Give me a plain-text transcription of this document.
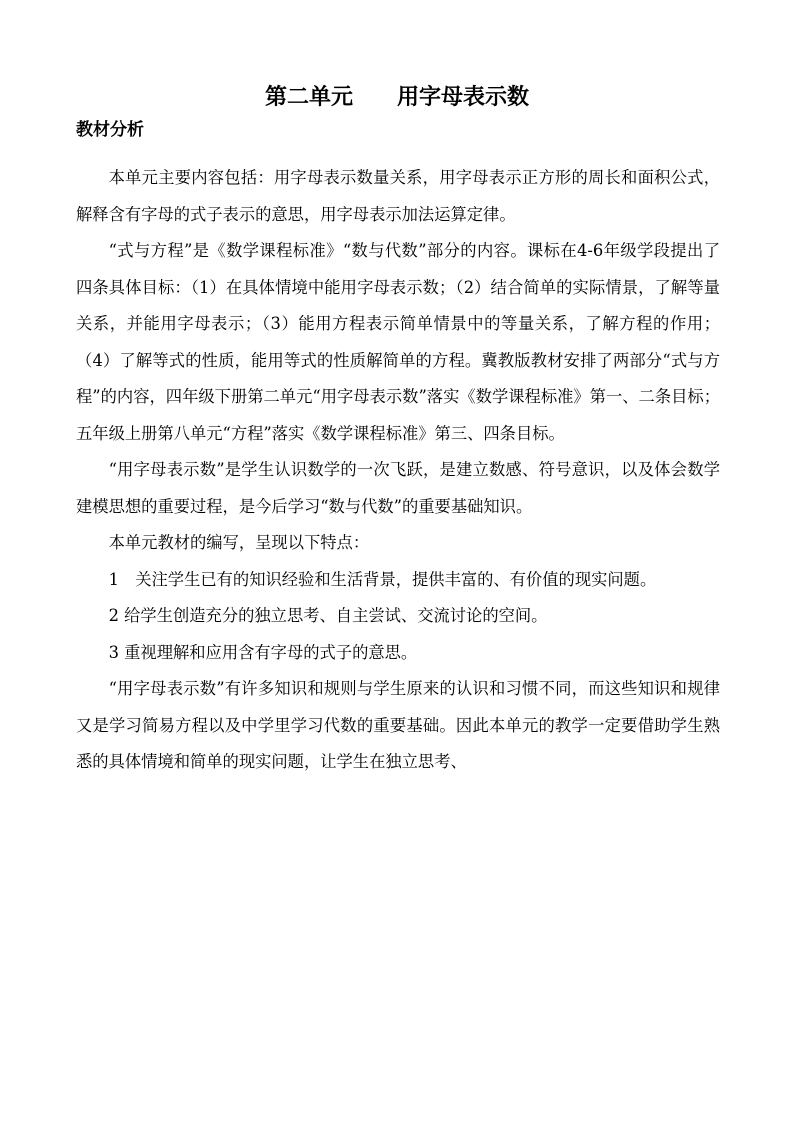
第二单元　　用字母表示数
教材分析

本单元主要内容包括：用字母表示数量关系，用字母表示正方形的周长和面积公式，解释含有字母的式子表示的意思，用字母表示加法运算定律。

“式与方程”是《数学课程标准》“数与代数”部分的内容。课标在4-6年级学段提出了四条具体目标：（1）在具体情境中能用字母表示数；（2）结合简单的实际情景，了解等量关系，并能用字母表示；（3）能用方程表示简单情景中的等量关系，了解方程的作用；（4）了解等式的性质，能用等式的性质解简单的方程。冀教版教材安排了两部分“式与方程”的内容，四年级下册第二单元“用字母表示数”落实《数学课程标准》第一、二条目标；五年级上册第八单元“方程”落实《数学课程标准》第三、四条目标。

“用字母表示数”是学生认识数学的一次飞跃，是建立数感、符号意识，以及体会数学建模思想的重要过程，是今后学习“数与代数”的重要基础知识。

本单元教材的编写，呈现以下特点：

1　关注学生已有的知识经验和生活背景，提供丰富的、有价值的现实问题。

2 给学生创造充分的独立思考、自主尝试、交流讨论的空间。

3 重视理解和应用含有字母的式子的意思。

“用字母表示数”有许多知识和规则与学生原来的认识和习惯不同，而这些知识和规律又是学习简易方程以及中学里学习代数的重要基础。因此本单元的教学一定要借助学生熟悉的具体情境和简单的现实问题，让学生在独立思考、
